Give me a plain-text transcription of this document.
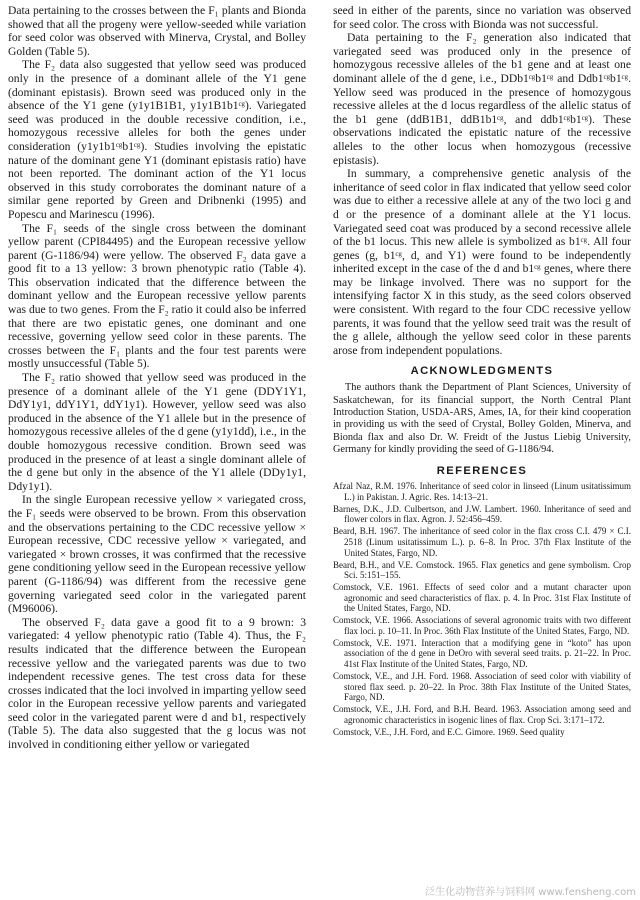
Data pertaining to the crosses between the F₁ plants and Bionda showed that all the progeny were yellow-seeded while variation for seed color was observed with Minerva, Crystal, and Bolley Golden (Table 5).

The F₂ data also suggested that yellow seed was produced only in the presence of a dominant allele of the Y1 gene (dominant epistasis). Brown seed was produced only in the absence of the Y1 gene (y1y1B1B1, y1y1B1b1ᶜᵍ). Variegated seed was produced in the double recessive condition, i.e., homozygous recessive alleles for both the genes under consideration (y1y1b1ᶜᵍb1ᶜᵍ). Studies involving the epistatic nature of the dominant gene Y1 (dominant epistasis ratio) have not been reported. The dominant action of the Y1 locus observed in this study corroborates the dominant nature of a similar gene reported by Green and Dribnenki (1995) and Popescu and Marinescu (1996).

The F₁ seeds of the single cross between the dominant yellow parent (CPI84495) and the European recessive yellow parent (G-1186/94) were yellow. The observed F₂ data gave a good fit to a 13 yellow: 3 brown phenotypic ratio (Table 4). This observation indicated that the difference between the dominant yellow and the European recessive yellow parents was due to two genes. From the F₂ ratio it could also be inferred that there are two epistatic genes, one dominant and one recessive, governing yellow seed color in these parents. The crosses between the F₁ plants and the four test parents were mostly unsuccessful (Table 5).

The F₂ ratio showed that yellow seed was produced in the presence of a dominant allele of the Y1 gene (DDY1Y1, DdY1y1, ddY1Y1, ddY1y1). However, yellow seed was also produced in the absence of the Y1 allele but in the presence of homozygous recessive alleles of the d gene (y1y1dd), i.e., in the double homozygous recessive condition. Brown seed was produced in the presence of at least a single dominant allele of the d gene but only in the absence of the Y1 allele (DDy1y1, Ddy1y1).

In the single European recessive yellow × variegated cross, the F₁ seeds were observed to be brown. From this observation and the observations pertaining to the CDC recessive yellow × European recessive, CDC recessive yellow × variegated, and variegated × brown crosses, it was confirmed that the recessive gene conditioning yellow seed in the European recessive yellow parent (G-1186/94) was different from the recessive gene governing variegated seed color in the variegated parent (M96006).

The observed F₂ data gave a good fit to a 9 brown: 3 variegated: 4 yellow phenotypic ratio (Table 4). Thus, the F₂ results indicated that the difference between the European recessive yellow and the variegated parents was due to two independent recessive genes. The test cross data for these crosses indicated that the loci involved in imparting yellow seed color in the European recessive yellow parents and variegated seed color in the variegated parent were d and b1, respectively (Table 5). The data also suggested that the g locus was not involved in conditioning either yellow or variegated

seed in either of the parents, since no variation was observed for seed color. The cross with Bionda was not successful.

Data pertaining to the F₂ generation also indicated that variegated seed was produced only in the presence of homozygous recessive alleles of the b1 gene and at least one dominant allele of the d gene, i.e., DDb1ᶜᵍb1ᶜᵍ and Ddb1ᶜᵍb1ᶜᵍ. Yellow seed was produced in the presence of homozygous recessive alleles at the d locus regardless of the allelic status of the b1 gene (ddB1B1, ddB1b1ᶜᵍ, and ddb1ᶜᵍb1ᶜᵍ). These observations indicated the epistatic nature of the recessive alleles to the other locus when homozygous (recessive epistasis).

In summary, a comprehensive genetic analysis of the inheritance of seed color in flax indicated that yellow seed color was due to either a recessive allele at any of the two loci g and d or the presence of a dominant allele at the Y1 locus. Variegated seed coat was produced by a second recessive allele of the b1 locus. This new allele is symbolized as b1ᶜᵍ. All four genes (g, b1ᶜᵍ, d, and Y1) were found to be independently inherited except in the case of the d and b1ᶜᵍ genes, where there may be linkage involved. There was no support for the intensifying factor X in this study, as the seed colors observed were consistent. With regard to the four CDC recessive yellow parents, it was found that the yellow seed trait was the result of the g allele, although the yellow seed color in these parents arose from independent populations.

ACKNOWLEDGMENTS

The authors thank the Department of Plant Sciences, University of Saskatchewan, for its financial support, the North Central Plant Introduction Station, USDA-ARS, Ames, IA, for their kind cooperation in providing us with the seed of Crystal, Bolley Golden, Minerva, and Bionda flax and also Dr. W. Freidt of the Justus Liebig University, Germany for kindly providing the seed of G-1186/94.

REFERENCES
Afzal Naz, R.M. 1976. Inheritance of seed color in linseed (Linum usitatissimum L.) in Pakistan. J. Agric. Res. 14:13–21.
Barnes, D.K., J.D. Culbertson, and J.W. Lambert. 1960. Inheritance of seed and flower colors in flax. Agron. J. 52:456–459.
Beard, B.H. 1967. The inheritance of seed color in the flax cross C.I. 479 × C.I. 2518 (Linum usitatissimum L.). p. 6–8. In Proc. 37th Flax Institute of the United States, Fargo, ND.
Beard, B.H., and V.E. Comstock. 1965. Flax genetics and gene symbolism. Crop Sci. 5:151–155.
Comstock, V.E. 1961. Effects of seed color and a mutant character upon agronomic and seed characteristics of flax. p. 4. In Proc. 31st Flax Institute of the United States, Fargo, ND.
Comstock, V.E. 1966. Associations of several agronomic traits with two different flax loci. p. 10–11. In Proc. 36th Flax Institute of the United States, Fargo, ND.
Comstock, V.E. 1971. Interaction that a modifying gene in “koto” has upon association of the d gene in DeOro with several seed traits. p. 21–22. In Proc. 41st Flax Institute of the United States, Fargo, ND.
Comstock, V.E., and J.H. Ford. 1968. Association of seed color with viability of stored flax seed. p. 20–22. In Proc. 38th Flax Institute of the United States, Fargo, ND.
Comstock, V.E., J.H. Ford, and B.H. Beard. 1963. Association among seed and agronomic characteristics in isogenic lines of flax. Crop Sci. 3:171–172.
Comstock, V.E., J.H. Ford, and E.C. Gimore. 1969. Seed quality
泛生化动物营养与饲料网 www.fensheng.com
